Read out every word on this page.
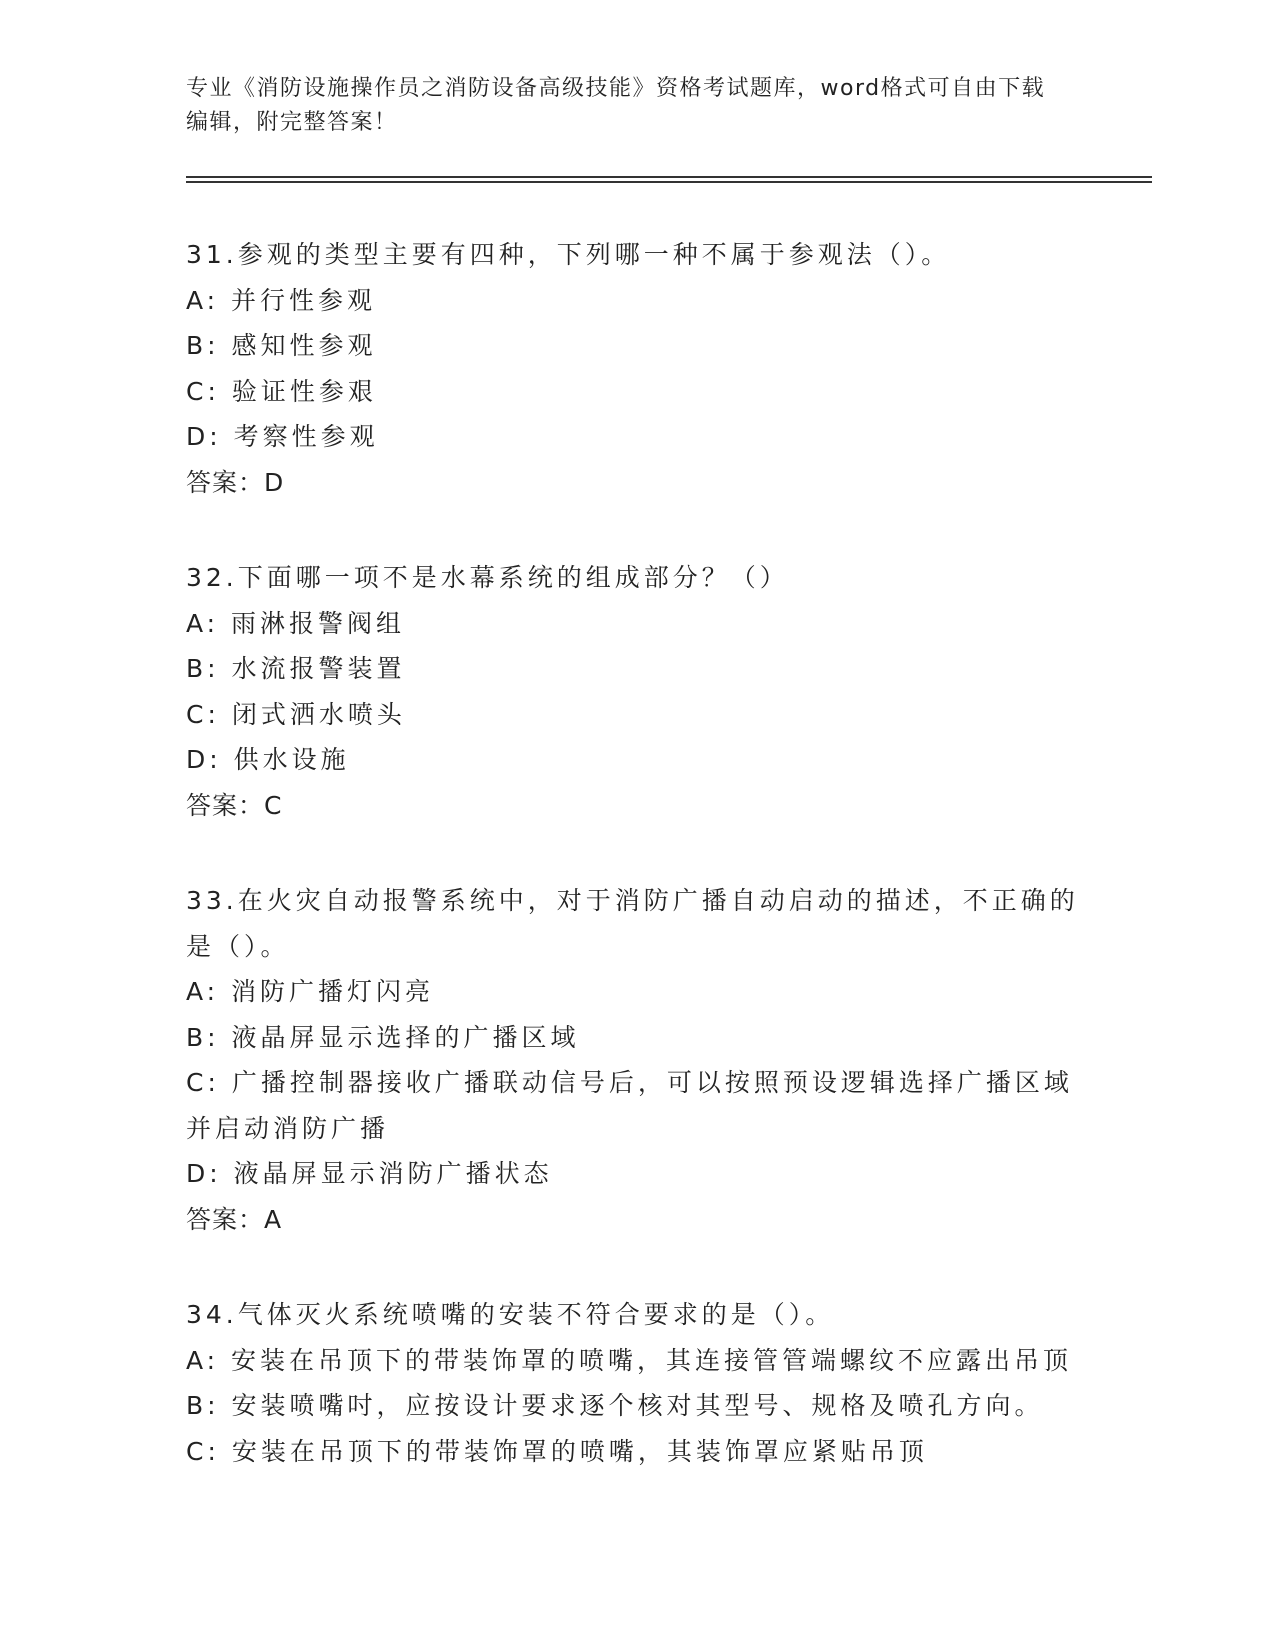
专业《消防设施操作员之消防设备高级技能》资格考试题库，word格式可自由下载编辑，附完整答案！
31.参观的类型主要有四种，下列哪一种不属于参观法（）。
A: 并行性参观
B: 感知性参观
C: 验证性参艰
D: 考察性参观
答案：D
32.下面哪一项不是水幕系统的组成部分？（）
A: 雨淋报警阀组
B: 水流报警装置
C: 闭式洒水喷头
D: 供水设施
答案：C
33.在火灾自动报警系统中，对于消防广播自动启动的描述，不正确的是（）。
A: 消防广播灯闪亮
B: 液晶屏显示选择的广播区域
C: 广播控制器接收广播联动信号后，可以按照预设逻辑选择广播区域并启动消防广播
D: 液晶屏显示消防广播状态
答案：A
34.气体灭火系统喷嘴的安装不符合要求的是（）。
A: 安装在吊顶下的带装饰罩的喷嘴，其连接管管端螺纹不应露出吊顶
B: 安装喷嘴吋，应按设计要求逐个核对其型号、规格及喷孔方向。
C: 安装在吊顶下的带装饰罩的喷嘴，其装饰罩应紧贴吊顶
